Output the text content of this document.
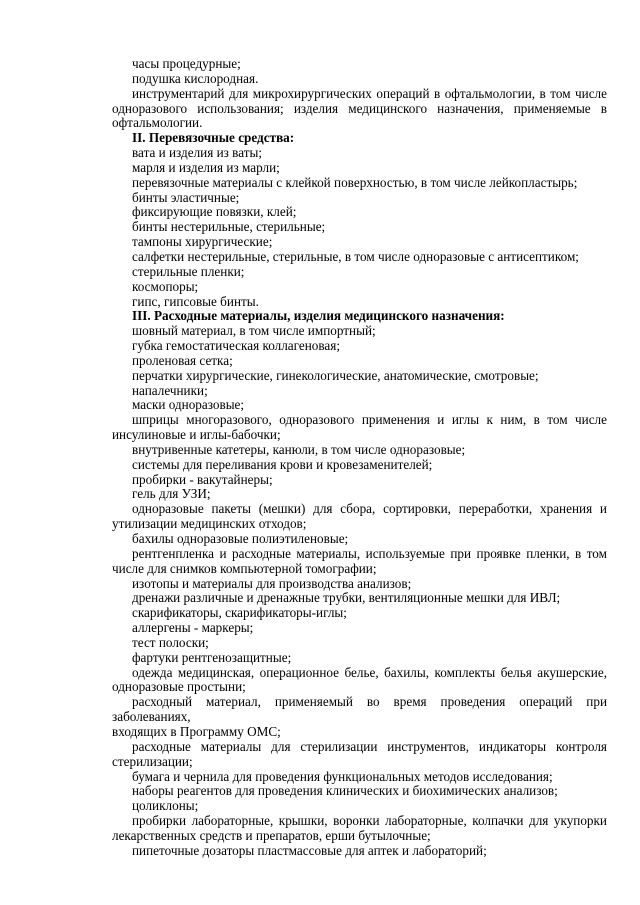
часы процедурные;

подушка кислородная.

инструментарий для микрохирургических операций в офтальмологии, в том числе

одноразового использования; изделия медицинского назначения, применяемые в

офтальмологии.

II. Перевязочные средства:

вата и изделия из ваты;

марля и изделия из марли;

перевязочные материалы с клейкой поверхностью, в том числе лейкопластырь;

бинты эластичные;

фиксирующие повязки, клей;

бинты нестерильные, стерильные;

тампоны хирургические;

салфетки нестерильные, стерильные, в том числе одноразовые с антисептиком;

стерильные пленки;

космопоры;

гипс, гипсовые бинты.

III. Расходные материалы, изделия медицинского назначения:

шовный материал, в том числе импортный;

губка гемостатическая коллагеновая;

проленовая сетка;

перчатки хирургические, гинекологические, анатомические, смотровые;

напалечники;

маски одноразовые;

шприцы многоразового, одноразового применения и иглы к ним, в том числе

инсулиновые и иглы-бабочки;

внутривенные катетеры, канюли, в том числе одноразовые;

системы для переливания крови и кровезаменителей;

пробирки - вакутайнеры;

гель для УЗИ;

одноразовые пакеты (мешки) для сбора, сортировки, переработки, хранения и

утилизации медицинских отходов;

бахилы одноразовые полиэтиленовые;

рентгенпленка и расходные материалы, используемые при проявке пленки, в том

числе для снимков компьютерной томографии;

изотопы и материалы для производства анализов;

дренажи различные и дренажные трубки, вентиляционные мешки для ИВЛ;

скарификаторы, скарификаторы-иглы;

аллергены - маркеры;

тест полоски;

фартуки рентгенозащитные;

одежда медицинская, операционное белье, бахилы, комплекты белья акушерские,

одноразовые простыни;

расходный материал, применяемый во время проведения операций при заболеваниях,

входящих в Программу ОМС;

расходные материалы для стерилизации инструментов, индикаторы контроля

стерилизации;

бумага и чернила для проведения функциональных методов исследования;

наборы реагентов для проведения клинических и биохимических анализов;

цоликлоны;

пробирки лабораторные, крышки, воронки лабораторные, колпачки для укупорки

лекарственных средств и препаратов, ерши бутылочные;

пипеточные дозаторы пластмассовые для аптек и лабораторий;
